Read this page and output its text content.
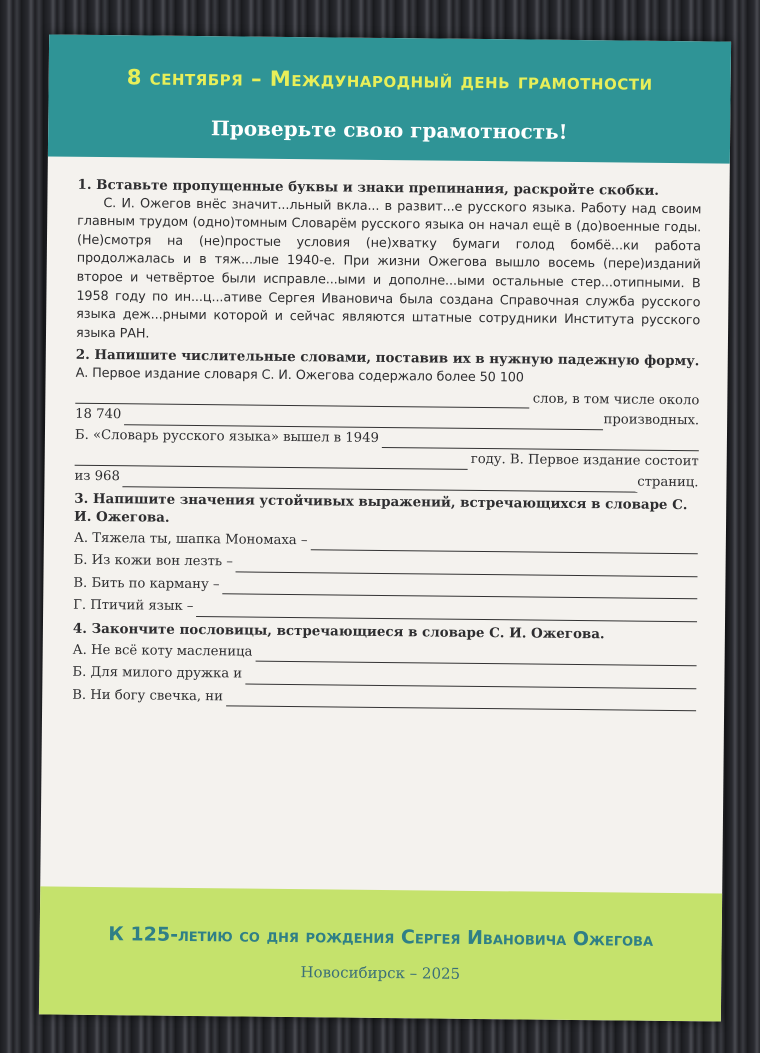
8 сентября – Международный день грамотности
Проверьте свою грамотность!
1. Вставьте пропущенные буквы и знаки препинания, раскройте скобки.
С. И. Ожегов внёс значит...льный вкла... в развит...е русского языка. Работу над своим главным трудом (одно)томным Словарём русского языка он начал ещё в (до)военные годы. (Не)смотря на (не)простые условия (не)хватку бумаги голод бомбё...ки работа продолжалась и в тяж...лые 1940-е. При жизни Ожегова вышло восемь (пере)изданий второе и четвёртое были исправле...ыми и дополне...ыми остальные стер...отипными. В 1958 году по ин...ц...ативе Сергея Ивановича была создана Справочная служба русского языка деж...рными которой и сейчас являются штатные сотрудники Института русского языка РАН.
2. Напишите числительные словами, поставив их в нужную падежную форму.
А. Первое издание словаря С. И. Ожегова содержало более 50 100
слов, в том числе около
18 740	производных.
Б. «Словарь русского языка» вышел в 1949
году. В. Первое издание состоит
из 968	страниц.
3. Напишите значения устойчивых выражений, встречающихся в словаре С. И. Ожегова.
А. Тяжела ты, шапка Мономаха –
Б. Из кожи вон лезть –
В. Бить по карману –
Г. Птичий язык –
4. Закончите пословицы, встречающиеся в словаре С. И. Ожегова.
А. Не всё коту масленица
Б. Для милого дружка и
В. Ни богу свечка, ни
К 125-летию со дня рождения Сергея Ивановича Ожегова
Новосибирск – 2025
